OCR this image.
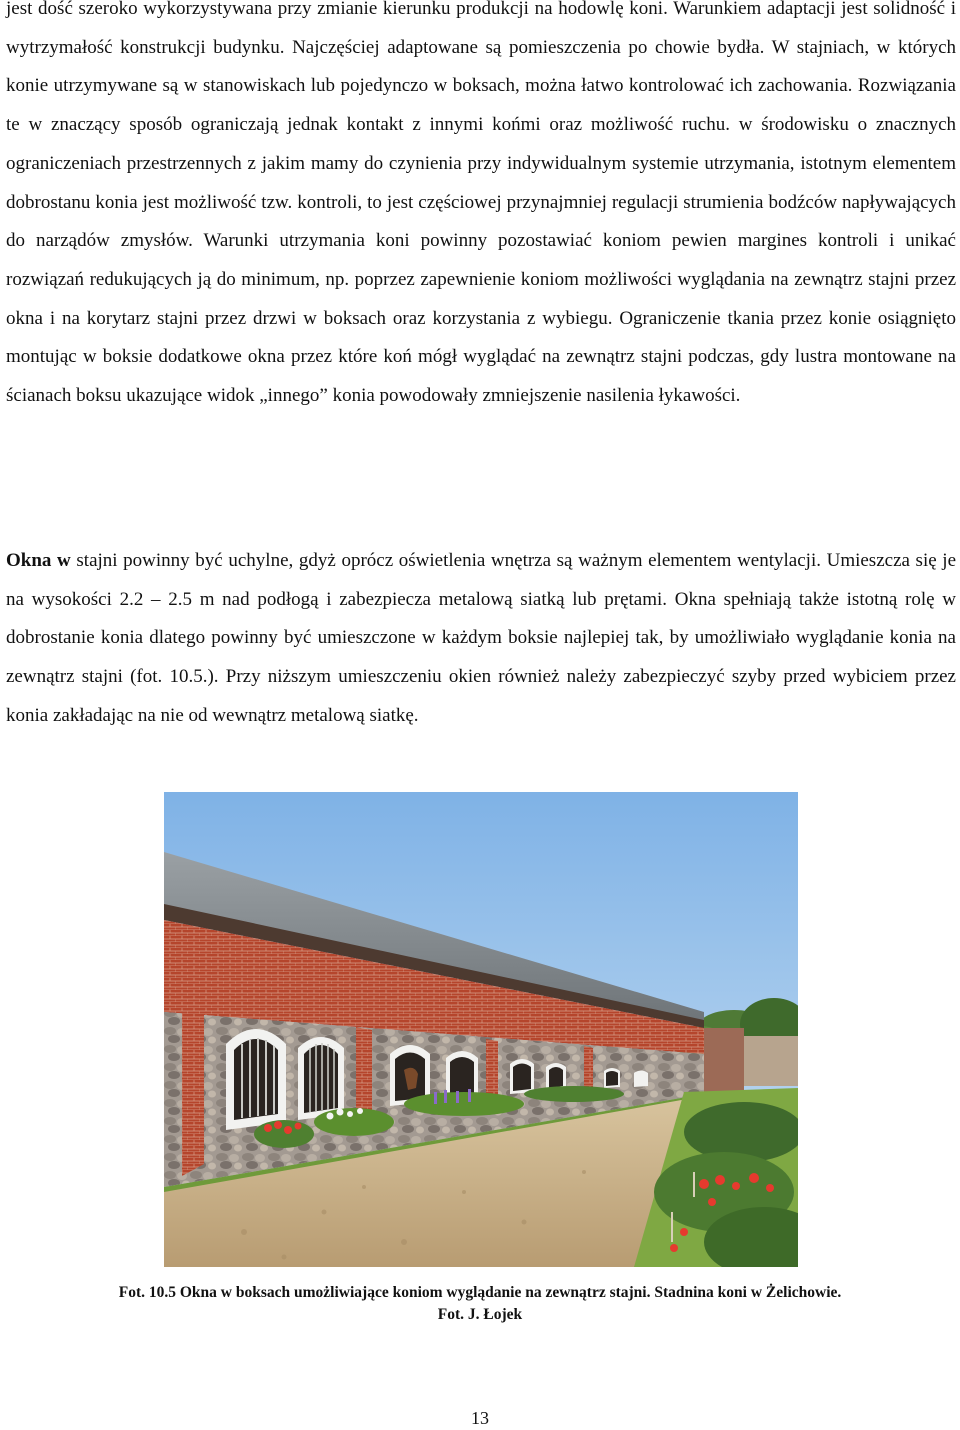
jest dość szeroko wykorzystywana przy zmianie kierunku produkcji na hodowlę koni. Warunkiem adaptacji jest solidność i wytrzymałość konstrukcji budynku. Najczęściej adaptowane są pomieszczenia po chowie bydła. W stajniach, w których konie utrzymywane są w stanowiskach lub pojedynczo w boksach, można łatwo kontrolować ich zachowania. Rozwiązania te w znaczący sposób ograniczają jednak kontakt z innymi końmi oraz możliwość ruchu. w środowisku o znacznych ograniczeniach przestrzennych z jakim mamy do czynienia przy indywidualnym systemie utrzymania, istotnym elementem dobrostanu konia jest możliwość tzw. kontroli, to jest częściowej przynajmniej regulacji strumienia bodźców napływających do narządów zmysłów. Warunki utrzymania koni powinny pozostawiać koniom pewien margines kontroli i unikać rozwiązań redukujących ją do minimum, np. poprzez zapewnienie koniom możliwości wyglądania na zewnątrz stajni przez okna i na korytarz stajni przez drzwi w boksach oraz korzystania z wybiegu. Ograniczenie tkania przez konie osiągnięto montując w boksie dodatkowe okna przez które koń mógł wyglądać na zewnątrz stajni podczas, gdy lustra montowane na ścianach boksu ukazujące widok „innego” konia powodowały zmniejszenie nasilenia łykawości.

Okna w stajni powinny być uchylne, gdyż oprócz oświetlenia wnętrza są ważnym elementem wentylacji. Umieszcza się je na wysokości 2.2 – 2.5 m nad podłogą i zabezpiecza metalową siatką lub prętami. Okna spełniają także istotną rolę w dobrostanie konia dlatego powinny być umieszczone w każdym boksie najlepiej tak, by umożliwiało wyglądanie konia na zewnątrz stajni (fot. 10.5.). Przy niższym umieszczeniu okien również należy zabezpieczyć szyby przed wybiciem przez konia zakładając na nie od wewnątrz metalową siatkę.

Fot. 10.5 Okna w boksach umożliwiające koniom wyglądanie na zewnątrz stajni. Stadnina koni w Żelichowie.
Fot. J. Łojek

13
